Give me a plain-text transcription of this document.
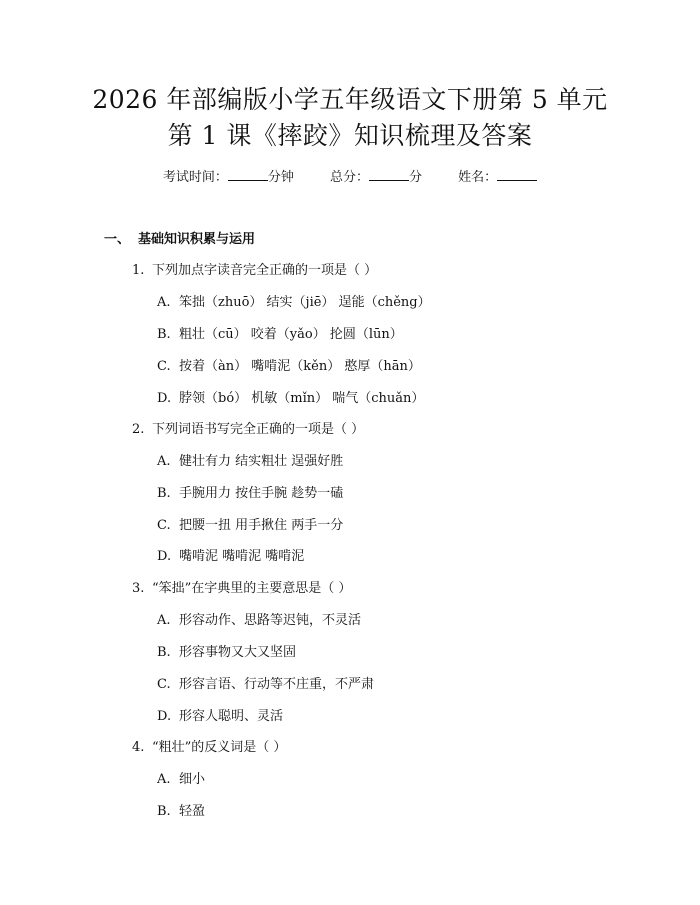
2026 年部编版小学五年级语文下册第 5 单元
第 1 课《摔跤》知识梳理及答案
考试时间：	分钟	总分：	分	姓名：
一、 基础知识积累与运用
1. 下列加点字读音完全正确的一项是（ ）
A. 笨拙（zhuō） 结实（jiē） 逞能（chěng）
B. 粗壮（cū） 咬着（yǎo） 抡圆（lūn）
C. 按着（àn） 嘴啃泥（kěn） 憨厚（hān）
D. 脖领（bó） 机敏（mǐn） 喘气（chuǎn）
2. 下列词语书写完全正确的一项是（ ）
A. 健壮有力 结实粗壮 逞强好胜
B. 手腕用力 按住手腕 趁势一磕
C. 把腰一扭 用手揪住 两手一分
D. 嘴啃泥 嘴啃泥 嘴啃泥
3. “笨拙”在字典里的主要意思是（ ）
A. 形容动作、思路等迟钝，不灵活
B. 形容事物又大又坚固
C. 形容言语、行动等不庄重，不严肃
D. 形容人聪明、灵活
4. “粗壮”的反义词是（ ）
A. 细小
B. 轻盈
